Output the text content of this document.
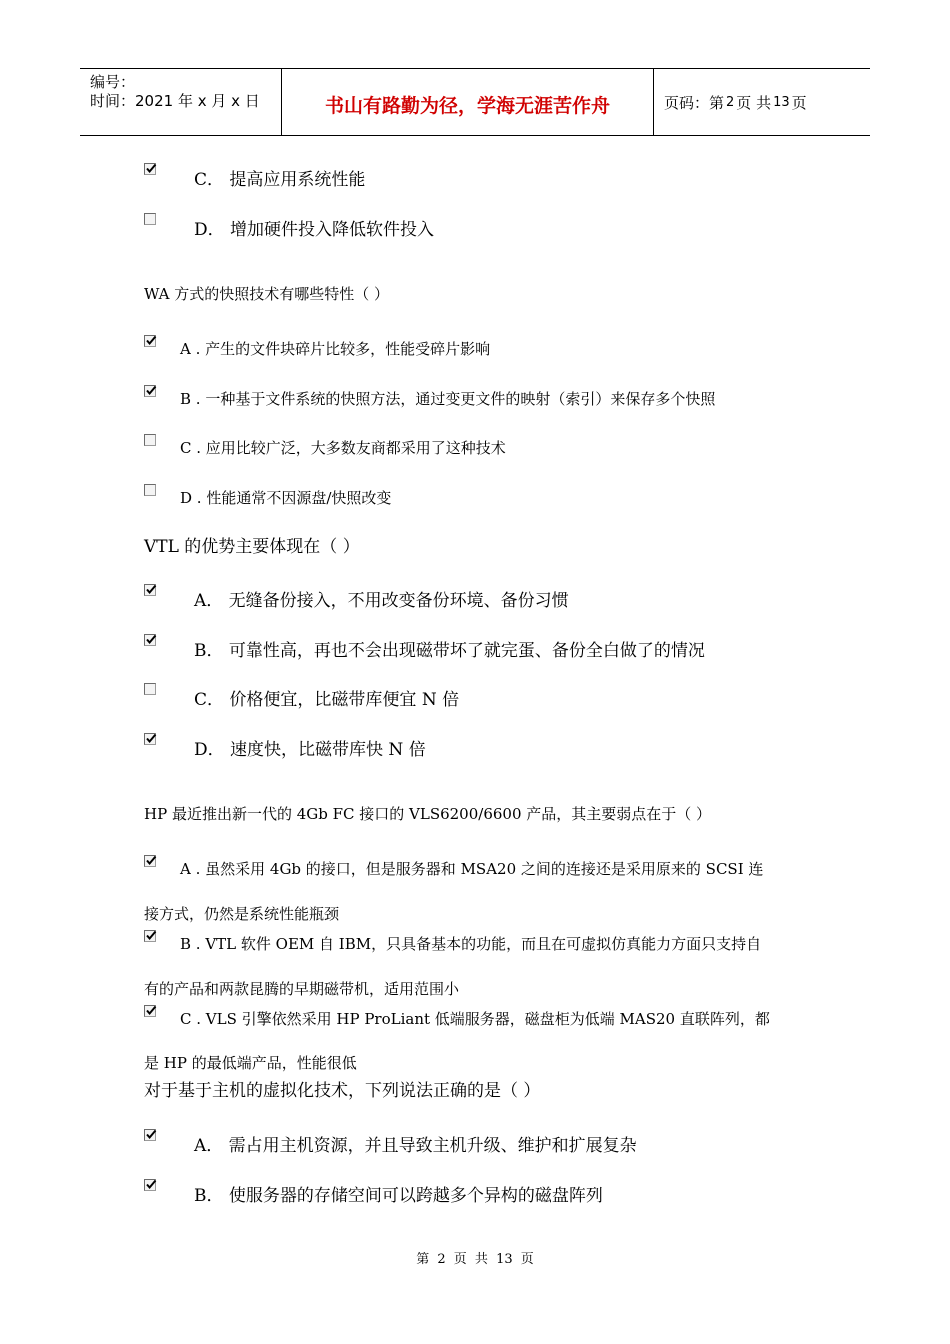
编号：
时间：2021 年 x 月 x 日	书山有路勤为径，学海无涯苦作舟	页码：第 2 页 共 13 页
C． 提高应用系统性能
D． 增加硬件投入降低软件投入
WA 方式的快照技术有哪些特性（ ）
A . 产生的文件块碎片比较多，性能受碎片影响
B . 一种基于文件系统的快照方法，通过变更文件的映射（索引）来保存多个快照
C . 应用比较广泛，大多数友商都采用了这种技术
D . 性能通常不因源盘/快照改变
VTL 的优势主要体现在（ ）
A． 无缝备份接入，不用改变备份环境、备份习惯
B． 可靠性高，再也不会出现磁带坏了就完蛋、备份全白做了的情况
C． 价格便宜，比磁带库便宜 N 倍
D． 速度快，比磁带库快 N 倍
HP 最近推出新一代的 4Gb FC 接口的 VLS6200/6600 产品，其主要弱点在于（ ）
A . 虽然采用 4Gb 的接口，但是服务器和 MSA20 之间的连接还是采用原来的 SCSI 连
接方式，仍然是系统性能瓶颈
B . VTL 软件 OEM 自 IBM，只具备基本的功能，而且在可虚拟仿真能力方面只支持自
有的产品和两款昆腾的早期磁带机，适用范围小
C . VLS 引擎依然采用 HP ProLiant 低端服务器，磁盘柜为低端 MAS20 直联阵列，都
是 HP 的最低端产品，性能很低
对于基于主机的虚拟化技术，下列说法正确的是（ ）
A． 需占用主机资源，并且导致主机升级、维护和扩展复杂
B． 使服务器的存储空间可以跨越多个异构的磁盘阵列
第 2 页 共 13 页
